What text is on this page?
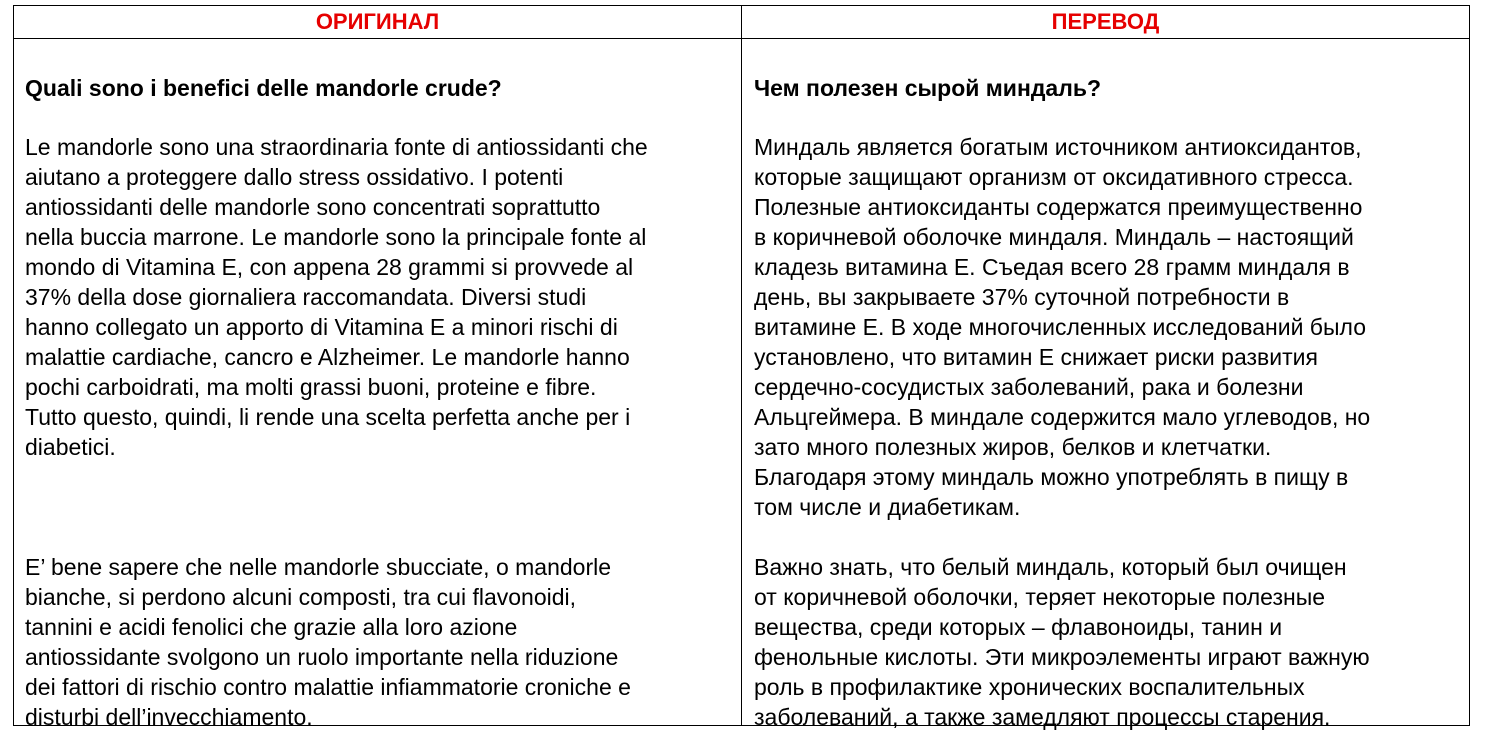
ОРИГИНАЛ	ПЕРЕВОД
Quali sono i benefici delle mandorle crude?
Le mandorle sono una straordinaria fonte di antiossidanti che
aiutano a proteggere dallo stress ossidativo. I potenti
antiossidanti delle mandorle sono concentrati soprattutto
nella buccia marrone. Le mandorle sono la principale fonte al
mondo di Vitamina E, con appena 28 grammi si provvede al
37% della dose giornaliera raccomandata. Diversi studi
hanno collegato un apporto di Vitamina E a minori rischi di
malattie cardiache, cancro e Alzheimer. Le mandorle hanno
pochi carboidrati, ma molti grassi buoni, proteine e fibre.
Tutto questo, quindi, li rende una scelta perfetta anche per i
diabetici.
E’ bene sapere che nelle mandorle sbucciate, o mandorle
bianche, si perdono alcuni composti, tra cui flavonoidi,
tannini e acidi fenolici che grazie alla loro azione
antiossidante svolgono un ruolo importante nella riduzione
dei fattori di rischio contro malattie infiammatorie croniche e
disturbi dell’invecchiamento.
Чем полезен сырой миндаль?
Миндаль является богатым источником антиоксидантов,
которые защищают организм от оксидативного стресса.
Полезные антиоксиданты содержатся преимущественно
в коричневой оболочке миндаля. Миндаль – настоящий
кладезь витамина Е. Съедая всего 28 грамм миндаля в
день, вы закрываете 37% суточной потребности в
витамине Е. В ходе многочисленных исследований было
установлено, что витамин Е снижает риски развития
сердечно-сосудистых заболеваний, рака и болезни
Альцгеймера. В миндале содержится мало углеводов, но
зато много полезных жиров, белков и клетчатки.
Благодаря этому миндаль можно употреблять в пищу в
том числе и диабетикам.
Важно знать, что белый миндаль, который был очищен
от коричневой оболочки, теряет некоторые полезные
вещества, среди которых – флавоноиды, танин и
фенольные кислоты. Эти микроэлементы играют важную
роль в профилактике хронических воспалительных
заболеваний, а также замедляют процессы старения.
